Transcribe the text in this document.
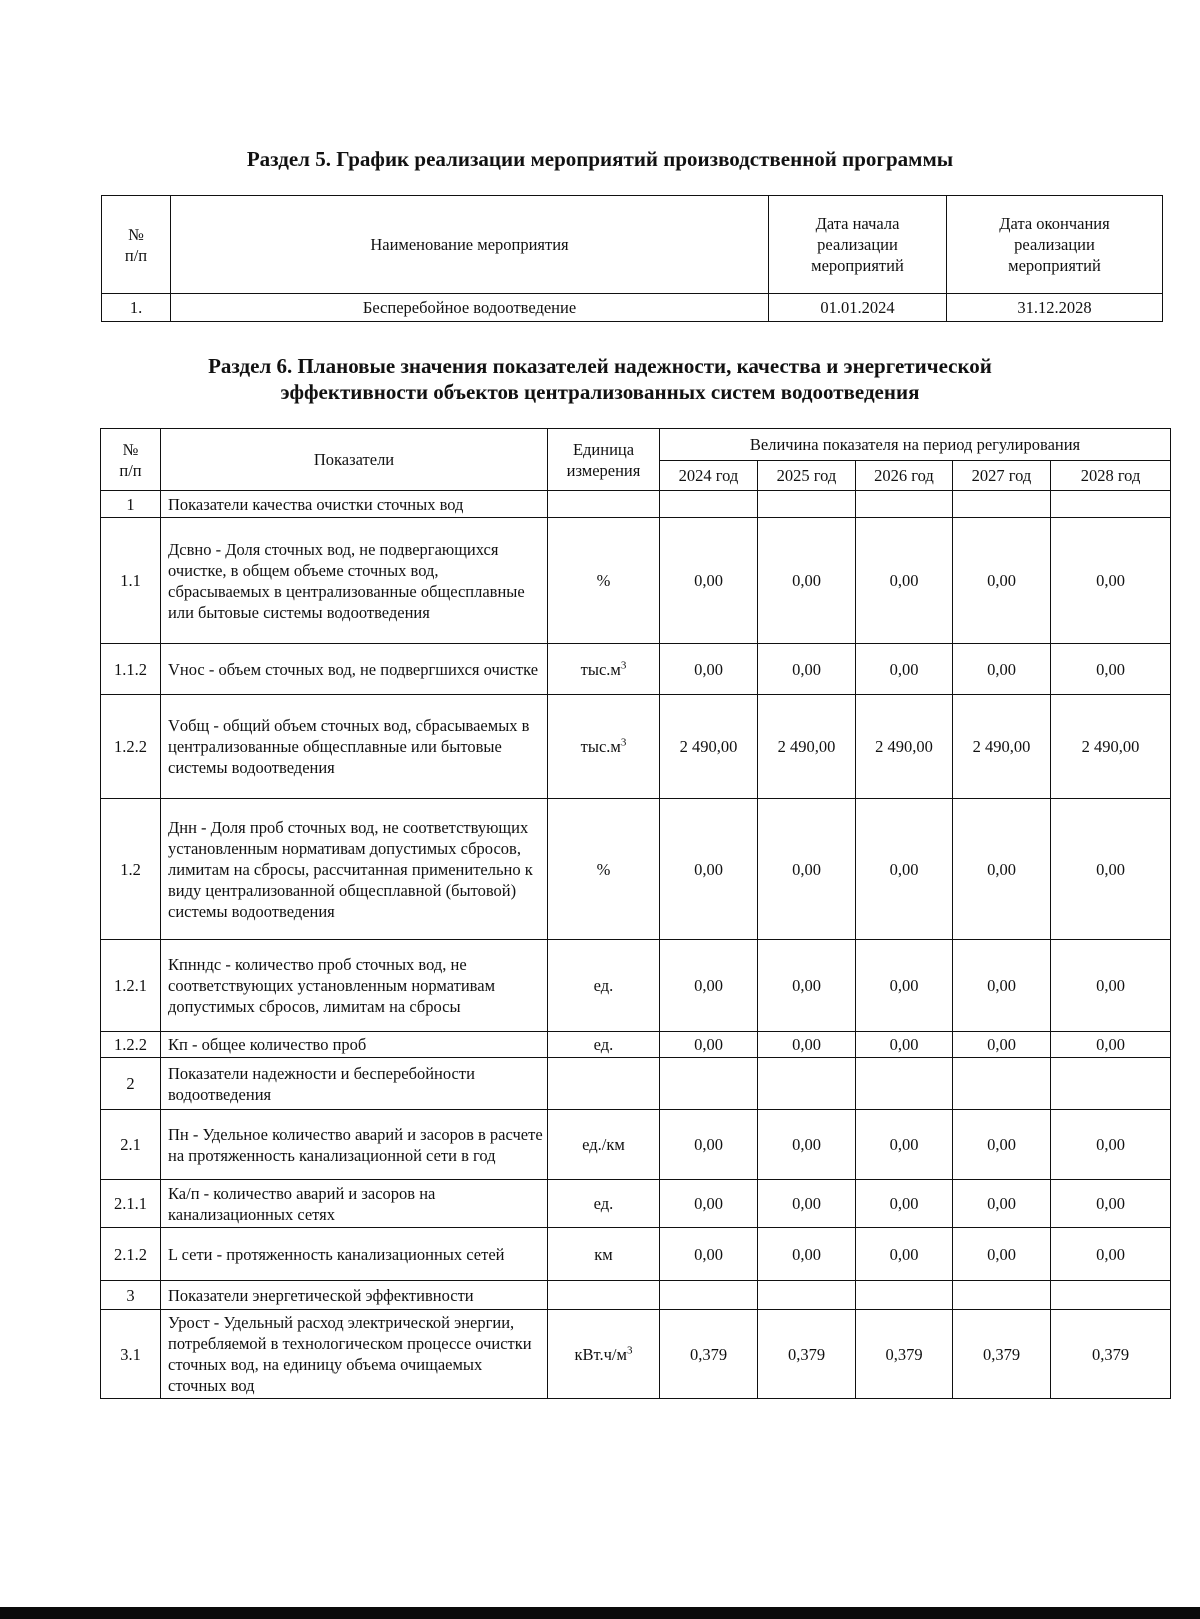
Раздел 5. График реализации мероприятий производственной программы
№
п/п	Наименование мероприятия	Дата начала
реализации
мероприятий	Дата окончания
реализации
мероприятий
1.	Бесперебойное водоотведение	01.01.2024	31.12.2028
Раздел 6. Плановые значения показателей надежности, качества и энергетической
эффективности объектов централизованных систем водоотведения
№
п/п	Показатели	Единица
измерения	Величина показателя на период регулирования				
			2024 год	2025 год	2026 год	2027 год	2028 год
1	Показатели качества очистки сточных вод						
1.1	Дсвно - Доля сточных вод, не подвергающихся очистке, в общем объеме сточных вод, сбрасываемых в централизованные общесплавные или бытовые системы водоотведения	%	0,00	0,00	0,00	0,00	0,00
1.1.2	Vнос - объем сточных вод, не подвергшихся очистке	$тыс.м^3$	0,00	0,00	0,00	0,00	0,00
1.2.2	Vобщ - общий объем сточных вод, сбрасываемых в централизованные общесплавные или бытовые системы водоотведения	$тыс.м^3$	2 490,00	2 490,00	2 490,00	2 490,00	2 490,00
1.2	Днн - Доля проб сточных вод, не соответствующих установленным нормативам допустимых сбросов, лимитам на сбросы, рассчитанная применительно к виду централизованной общесплавной (бытовой) системы водоотведения	%	0,00	0,00	0,00	0,00	0,00
1.2.1	Кпнндс - количество проб сточных вод, не соответствующих установленным нормативам допустимых сбросов, лимитам на сбросы	ед.	0,00	0,00	0,00	0,00	0,00
1.2.2	Кп - общее количество проб	ед.	0,00	0,00	0,00	0,00	0,00
2	Показатели надежности и бесперебойности водоотведения						
2.1	Пн - Удельное количество аварий и засоров в расчете на протяженность канализационной сети в год	ед./км	0,00	0,00	0,00	0,00	0,00
2.1.1	Ка/п - количество аварий и засоров на канализационных сетях	ед.	0,00	0,00	0,00	0,00	0,00
2.1.2	L сети - протяженность канализационных сетей	км	0,00	0,00	0,00	0,00	0,00
3	Показатели энергетической эффективности						
3.1	Урост - Удельный расход электрической энергии, потребляемой в технологическом процессе очистки сточных вод, на единицу объема очищаемых сточных вод	$кВт.ч/м^3$	0,379	0,379	0,379	0,379	0,379
